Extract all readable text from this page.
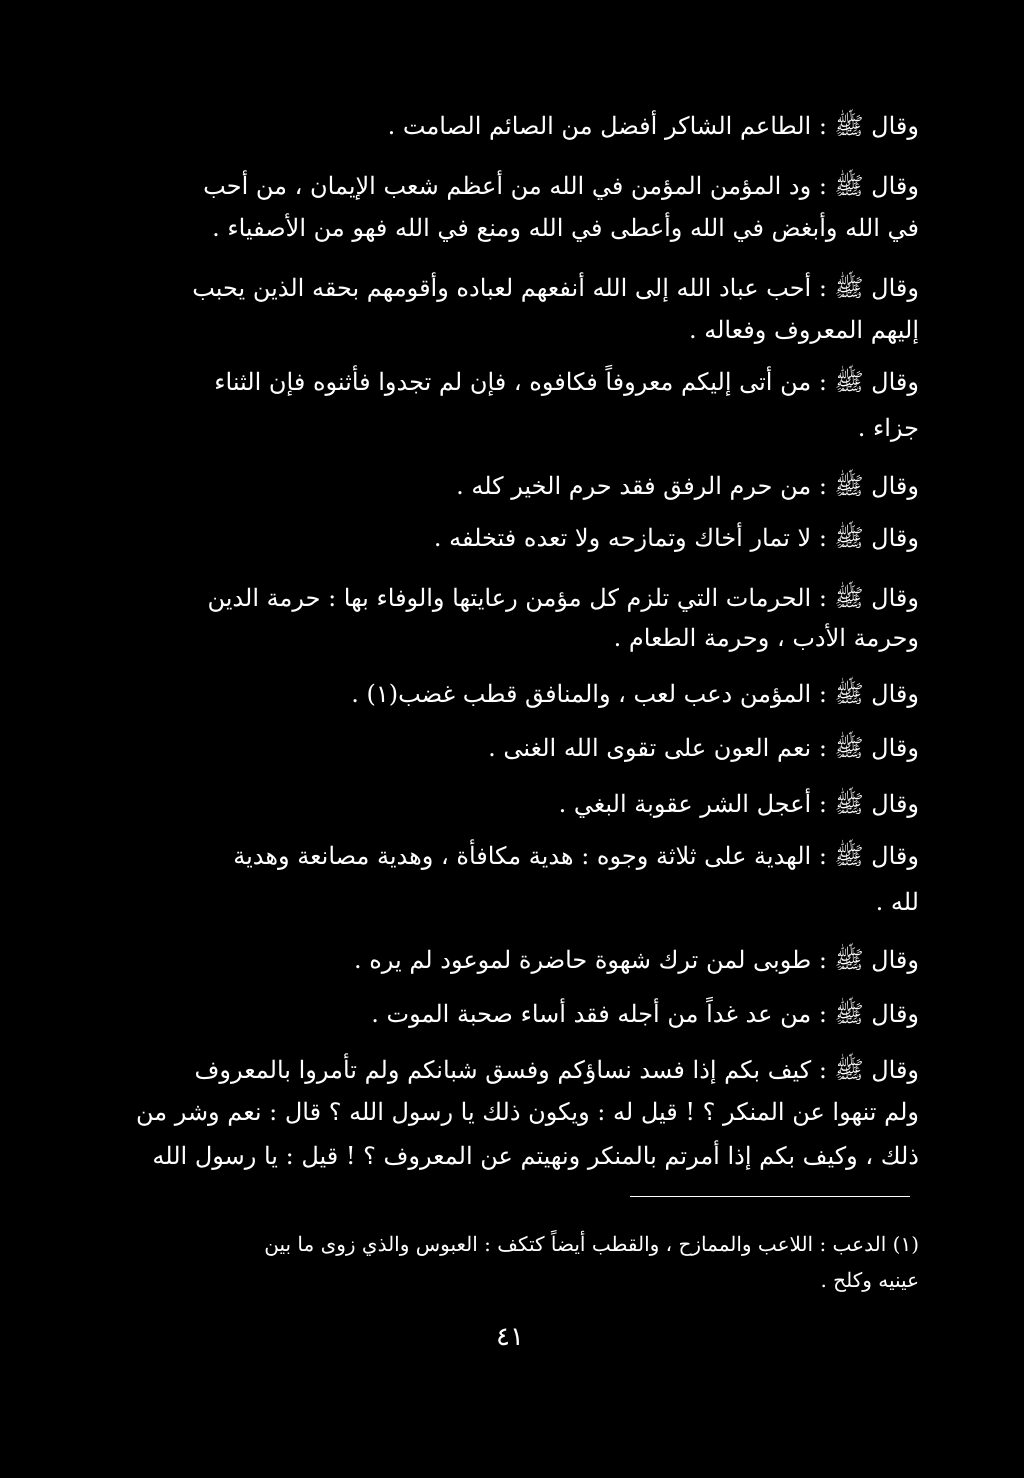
وقال ﷺ : الطاعم الشاكر أفضل من الصائم الصامت .
وقال ﷺ : ود المؤمن المؤمن في الله من أعظم شعب الإيمان ، من أحب
في الله وأبغض في الله وأعطى في الله ومنع في الله فهو من الأصفياء .
وقال ﷺ : أحب عباد الله إلى الله أنفعهم لعباده وأقومهم بحقه الذين يحبب
إليهم المعروف وفعاله .
وقال ﷺ : من أتى إليكم معروفاً فكافوه ، فإن لم تجدوا فأثنوه فإن الثناء
جزاء .
وقال ﷺ : من حرم الرفق فقد حرم الخير كله .
وقال ﷺ : لا تمار أخاك وتمازحه ولا تعده فتخلفه .
وقال ﷺ : الحرمات التي تلزم كل مؤمن رعايتها والوفاء بها : حرمة الدين
وحرمة الأدب ، وحرمة الطعام .
وقال ﷺ : المؤمن دعب لعب ، والمنافق قطب غضب(١) .
وقال ﷺ : نعم العون على تقوى الله الغنى .
وقال ﷺ : أعجل الشر عقوبة البغي .
وقال ﷺ : الهدية على ثلاثة وجوه : هدية مكافأة ، وهدية مصانعة وهدية
لله .
وقال ﷺ : طوبى لمن ترك شهوة حاضرة لموعود لم يره .
وقال ﷺ : من عد غداً من أجله فقد أساء صحبة الموت .
وقال ﷺ : كيف بكم إذا فسد نساؤكم وفسق شبانكم ولم تأمروا بالمعروف
ولم تنهوا عن المنكر ؟ ! قيل له : ويكون ذلك يا رسول الله ؟ قال : نعم وشر من
ذلك ، وكيف بكم إذا أمرتم بالمنكر ونهيتم عن المعروف ؟ ! قيل : يا رسول الله
(١) الدعب : اللاعب والممازح ، والقطب أيضاً كتكف : العبوس والذي زوى ما بين
عينيه وكلح .
٤١
